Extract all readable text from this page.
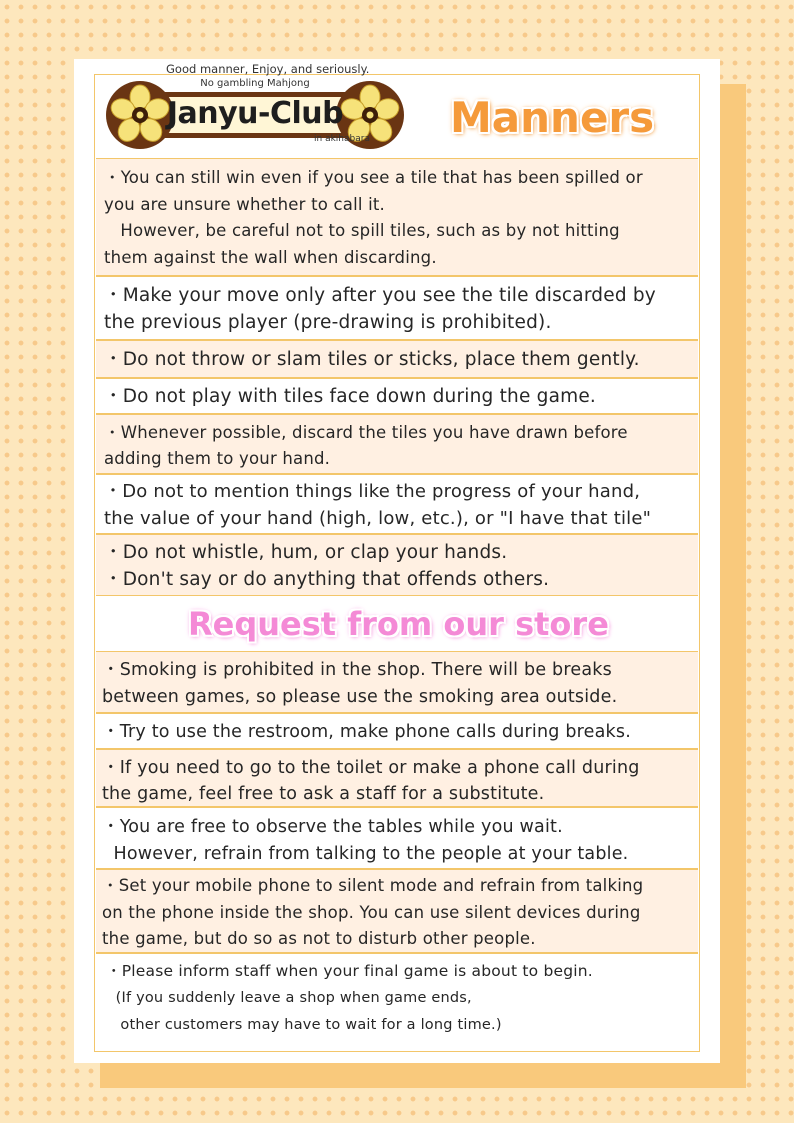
Good manner, Enjoy, and seriously.
No gambling Mahjong
Janyu-Club
in akihabara Manners
・You can still win even if you see a tile that has been spilled or
you are unsure whether to call it.
However, be careful not to spill tiles, such as by not hitting
them against the wall when discarding.
・Make your move only after you see the tile discarded by
the previous player (pre-drawing is prohibited).
・Do not throw or slam tiles or sticks, place them gently.
・Do not play with tiles face down during the game.
・Whenever possible, discard the tiles you have drawn before
adding them to your hand.
・Do not to mention things like the progress of your hand,
the value of your hand (high, low, etc.), or "I have that tile"
・Do not whistle, hum, or clap your hands.
・Don't say or do anything that offends others.
Request from our store
・Smoking is prohibited in the shop. There will be breaks
between games, so please use the smoking area outside.
・Try to use the restroom, make phone calls during breaks.
・If you need to go to the toilet or make a phone call during
the game, feel free to ask a staff for a substitute.
・You are free to observe the tables while you wait.
However, refrain from talking to the people at your table.
・Set your mobile phone to silent mode and refrain from talking
on the phone inside the shop. You can use silent devices during
the game, but do so as not to disturb other people.
・Please inform staff when your final game is about to begin.
(If you suddenly leave a shop when game ends,
other customers may have to wait for a long time.)
